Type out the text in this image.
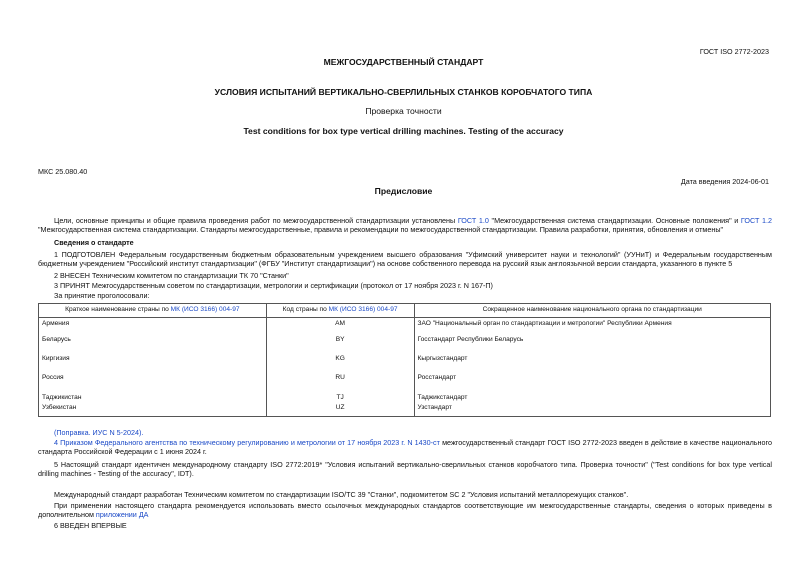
ГОСТ ISO 2772-2023
МЕЖГОСУДАРСТВЕННЫЙ СТАНДАРТ
УСЛОВИЯ ИСПЫТАНИЙ ВЕРТИКАЛЬНО-СВЕРЛИЛЬНЫХ СТАНКОВ КОРОБЧАТОГО ТИПА
Проверка точности
Test conditions for box type vertical drilling machines. Testing of the accuracy
МКС 25.080.40
Дата введения 2024-06-01
Предисловие
Цели, основные принципы и общие правила проведения работ по межгосударственной стандартизации установлены ГОСТ 1.0 "Межгосударственная система стандартизации. Основные положения" и ГОСТ 1.2 "Межгосударственная система стандартизации. Стандарты межгосударственные, правила и рекомендации по межгосударственной стандартизации. Правила разработки, принятия, обновления и отмены"
Сведения о стандарте
1 ПОДГОТОВЛЕН Федеральным государственным бюджетным образовательным учреждением высшего образования "Уфимский университет науки и технологий" (УУНиТ) и Федеральным государственным бюджетным учреждением "Российский институт стандартизации" (ФГБУ "Институт стандартизации") на основе собственного перевода на русский язык англоязычной версии стандарта, указанного в пункте 5
2 ВНЕСЕН Техническим комитетом по стандартизации ТК 70 "Станки"
3 ПРИНЯТ Межгосударственным советом по стандартизации, метрологии и сертификации (протокол от 17 ноября 2023 г. N 167-П)
За принятие проголосовали:
Краткое наименование страны по МК (ИСО 3166) 004-97	Код страны по МК (ИСО 3166) 004-97	Сокращенное наименование национального органа по стандартизации
Армения	AM	ЗАО "Национальный орган по стандартизации и метрологии" Республики Армения
Беларусь	BY	Госстандарт Республики Беларусь
Киргизия	KG	Кыргызстандарт
Россия	RU	Росстандарт
Таджикистан	TJ	Таджикстандарт
Узбекистан	UZ	Узстандарт
(Поправка. ИУС N 5-2024).
4 Приказом Федерального агентства по техническому регулированию и метрологии от 17 ноября 2023 г. N 1430-ст межгосударственный стандарт ГОСТ ISO 2772-2023 введен в действие в качестве национального стандарта Российской Федерации с 1 июня 2024 г.
5 Настоящий стандарт идентичен международному стандарту ISO 2772:2019* "Условия испытаний вертикально-сверлильных станков коробчатого типа. Проверка точности" ("Test conditions for box type vertical drilling machines - Testing of the accuracy", IDT).
Международный стандарт разработан Техническим комитетом по стандартизации ISO/TC 39 "Станки", подкомитетом SC 2 "Условия испытаний металлорежущих станков".
При применении настоящего стандарта рекомендуется использовать вместо ссылочных международных стандартов соответствующие им межгосударственные стандарты, сведения о которых приведены в дополнительном приложении ДА
6 ВВЕДЕН ВПЕРВЫЕ
